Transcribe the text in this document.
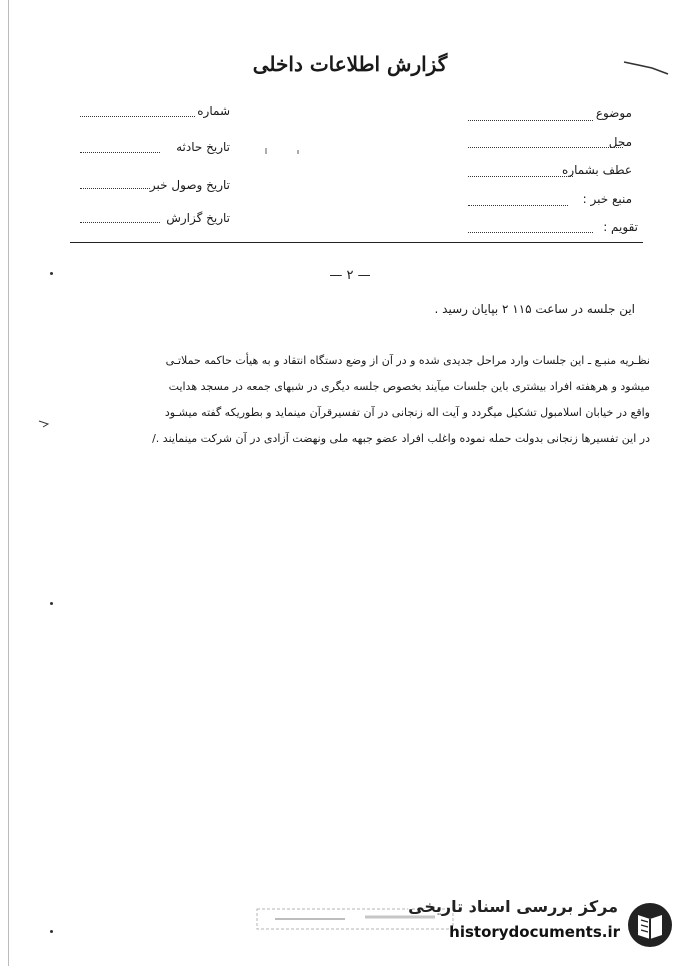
گزارش اطلاعات داخلی
موضوع
محل
عطف بشماره
منبع خبر :
تقویم :
شماره
تاریخ حادثه
تاریخ وصول خبر
تاریخ گزارش
— ۲ —
این جلسه در ساعت ۱۱۵ ۲ بپایان رسید .
نظـریه منبـع ـ این جلسات وارد مراحل جدیدی شده و در آن از وضع دستگاه انتقاد و به هیأت حاکمه حملاتـی
میشود و هرهفته افراد بیشتری باین جلسات میآیند بخصوص جلسه دیگری در شبهای جمعه در مسجد هدایت
واقع در خیابان اسلامبول تشکیل میگردد و آیت اله زنجانی در آن تفسیرقرآن مینماید و بطوریکه گفته میشـود
در این تفسیرها زنجانی بدولت حمله نموده واغلب افراد عضو جبهه ملی ونهضت آزادی در آن شرکت مینمایند ./
مرکز بررسی اسناد تاریخی
historydocuments.ir
